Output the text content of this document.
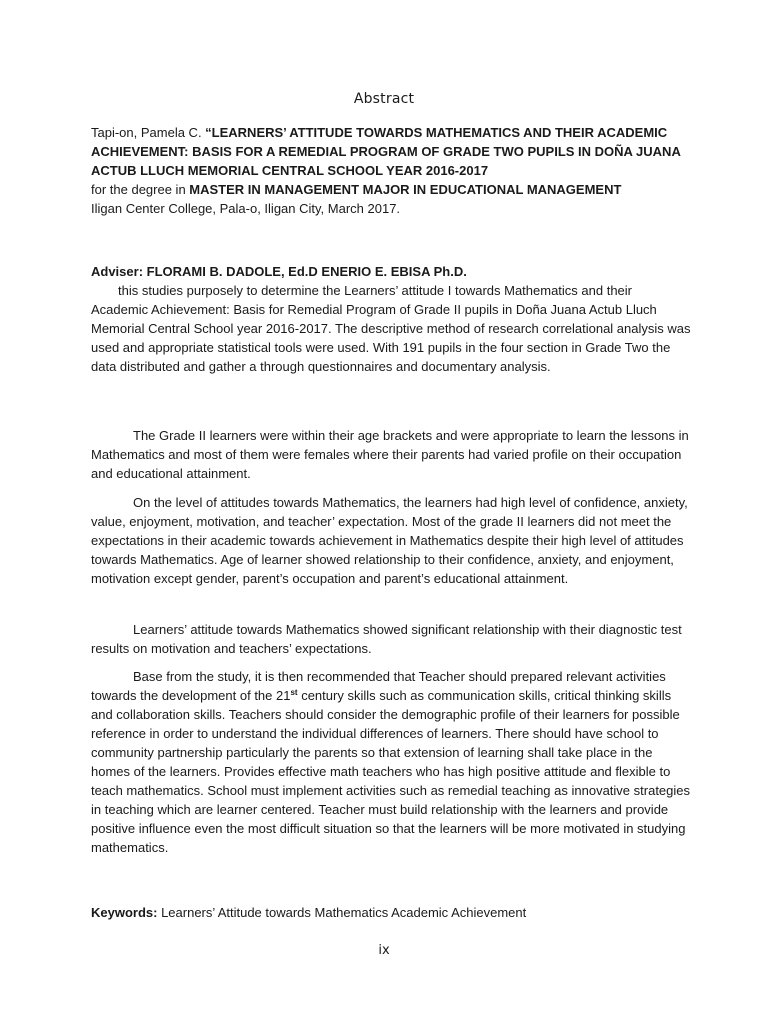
Abstract
Tapi-on, Pamela C. “LEARNERS’ ATTITUDE TOWARDS MATHEMATICS AND THEIR ACADEMIC ACHIEVEMENT: BASIS FOR A REMEDIAL PROGRAM OF GRADE TWO PUPILS IN DOÑA JUANA ACTUB LLUCH MEMORIAL CENTRAL SCHOOL YEAR 2016-2017
for the degree in MASTER IN MANAGEMENT MAJOR IN EDUCATIONAL MANAGEMENT
Iligan Center College, Pala-o, Iligan City, March 2017.
Adviser: FLORAMI B. DADOLE, Ed.D ENERIO E. EBISA Ph.D.
this studies purposely to determine the Learners’ attitude I towards Mathematics and their Academic Achievement: Basis for Remedial Program of Grade II pupils in Doña Juana Actub Lluch Memorial Central School year 2016-2017. The descriptive method of research correlational analysis was used and appropriate statistical tools were used. With 191 pupils in the four section in Grade Two the data distributed and gather a through questionnaires and documentary analysis.
The Grade II learners were within their age brackets and were appropriate to learn the lessons in Mathematics and most of them were females where their parents had varied profile on their occupation and educational attainment.
On the level of attitudes towards Mathematics, the learners had high level of confidence, anxiety, value, enjoyment, motivation, and teacher’ expectation. Most of the grade II learners did not meet the expectations in their academic towards achievement in Mathematics despite their high level of attitudes towards Mathematics. Age of learner showed relationship to their confidence, anxiety, and enjoyment, motivation except gender, parent’s occupation and parent’s educational attainment.
Learners’ attitude towards Mathematics showed significant relationship with their diagnostic test results on motivation and teachers’ expectations.
Base from the study, it is then recommended that Teacher should prepared relevant activities towards the development of the 21st century skills such as communication skills, critical thinking skills and collaboration skills. Teachers should consider the demographic profile of their learners for possible reference in order to understand the individual differences of learners. There should have school to community partnership particularly the parents so that extension of learning shall take place in the homes of the learners. Provides effective math teachers who has high positive attitude and flexible to teach mathematics. School must implement activities such as remedial teaching as innovative strategies in teaching which are learner centered. Teacher must build relationship with the learners and provide positive influence even the most difficult situation so that the learners will be more motivated in studying mathematics.
Keywords: Learners’ Attitude towards Mathematics Academic Achievement
ix
